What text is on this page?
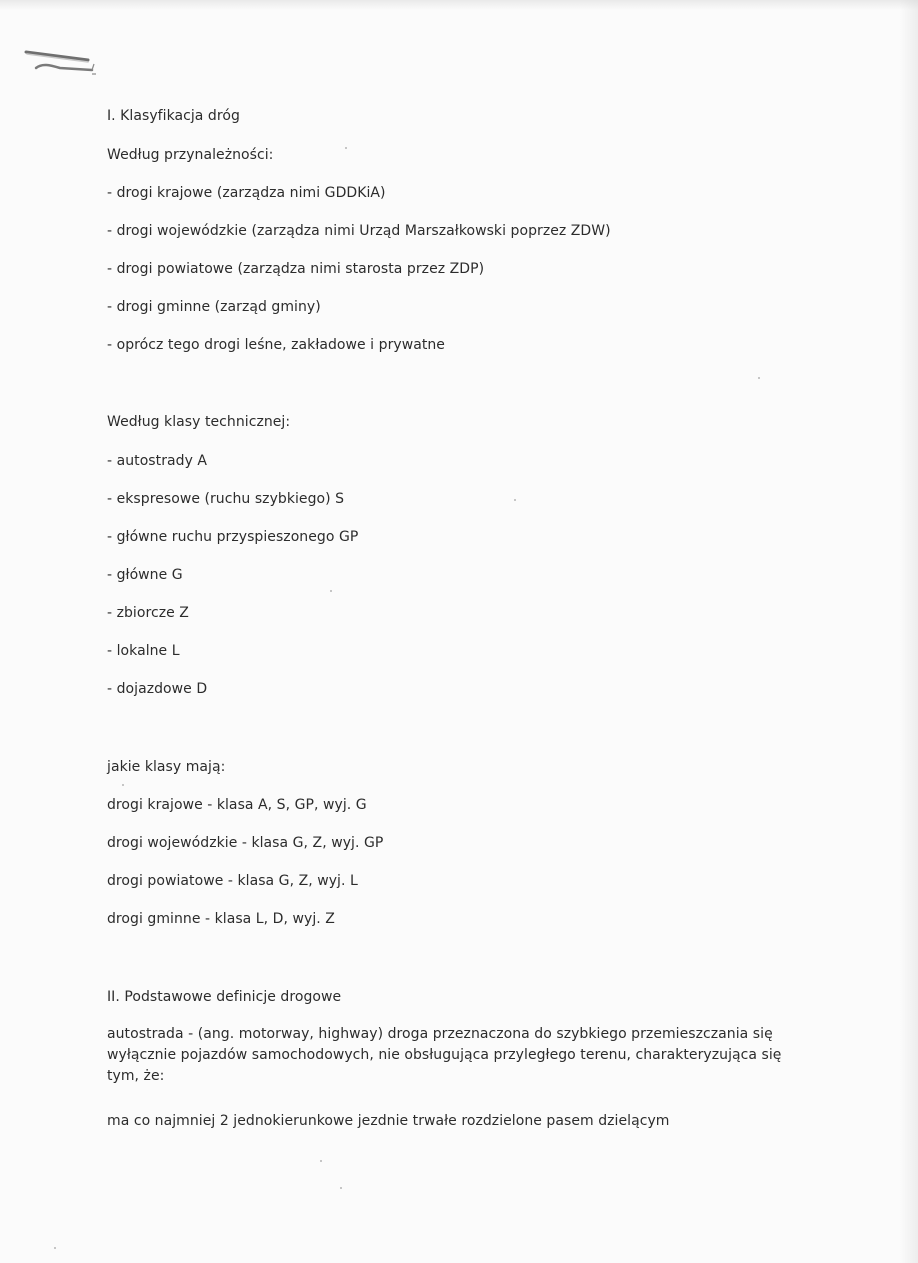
I. Klasyfikacja dróg
Według przynależności:
- drogi krajowe (zarządza nimi GDDKiA)
- drogi wojewódzkie (zarządza nimi Urząd Marszałkowski poprzez ZDW)
- drogi powiatowe (zarządza nimi starosta przez ZDP)
- drogi gminne (zarząd gminy)
- oprócz tego drogi leśne, zakładowe i prywatne
Według klasy technicznej:
- autostrady A
- ekspresowe (ruchu szybkiego) S
- główne ruchu przyspieszonego GP
- główne G
- zbiorcze Z
- lokalne L
- dojazdowe D
jakie klasy mają:
drogi krajowe - klasa A, S, GP, wyj. G
drogi wojewódzkie - klasa G, Z, wyj. GP
drogi powiatowe - klasa G, Z, wyj. L
drogi gminne - klasa L, D, wyj. Z
II. Podstawowe definicje drogowe
autostrada - (ang. motorway, highway) droga przeznaczona do szybkiego przemieszczania się wyłącznie pojazdów samochodowych, nie obsługująca przyległego terenu, charakteryzująca się tym, że:
ma co najmniej 2 jednokierunkowe jezdnie trwałe rozdzielone pasem dzielącym
